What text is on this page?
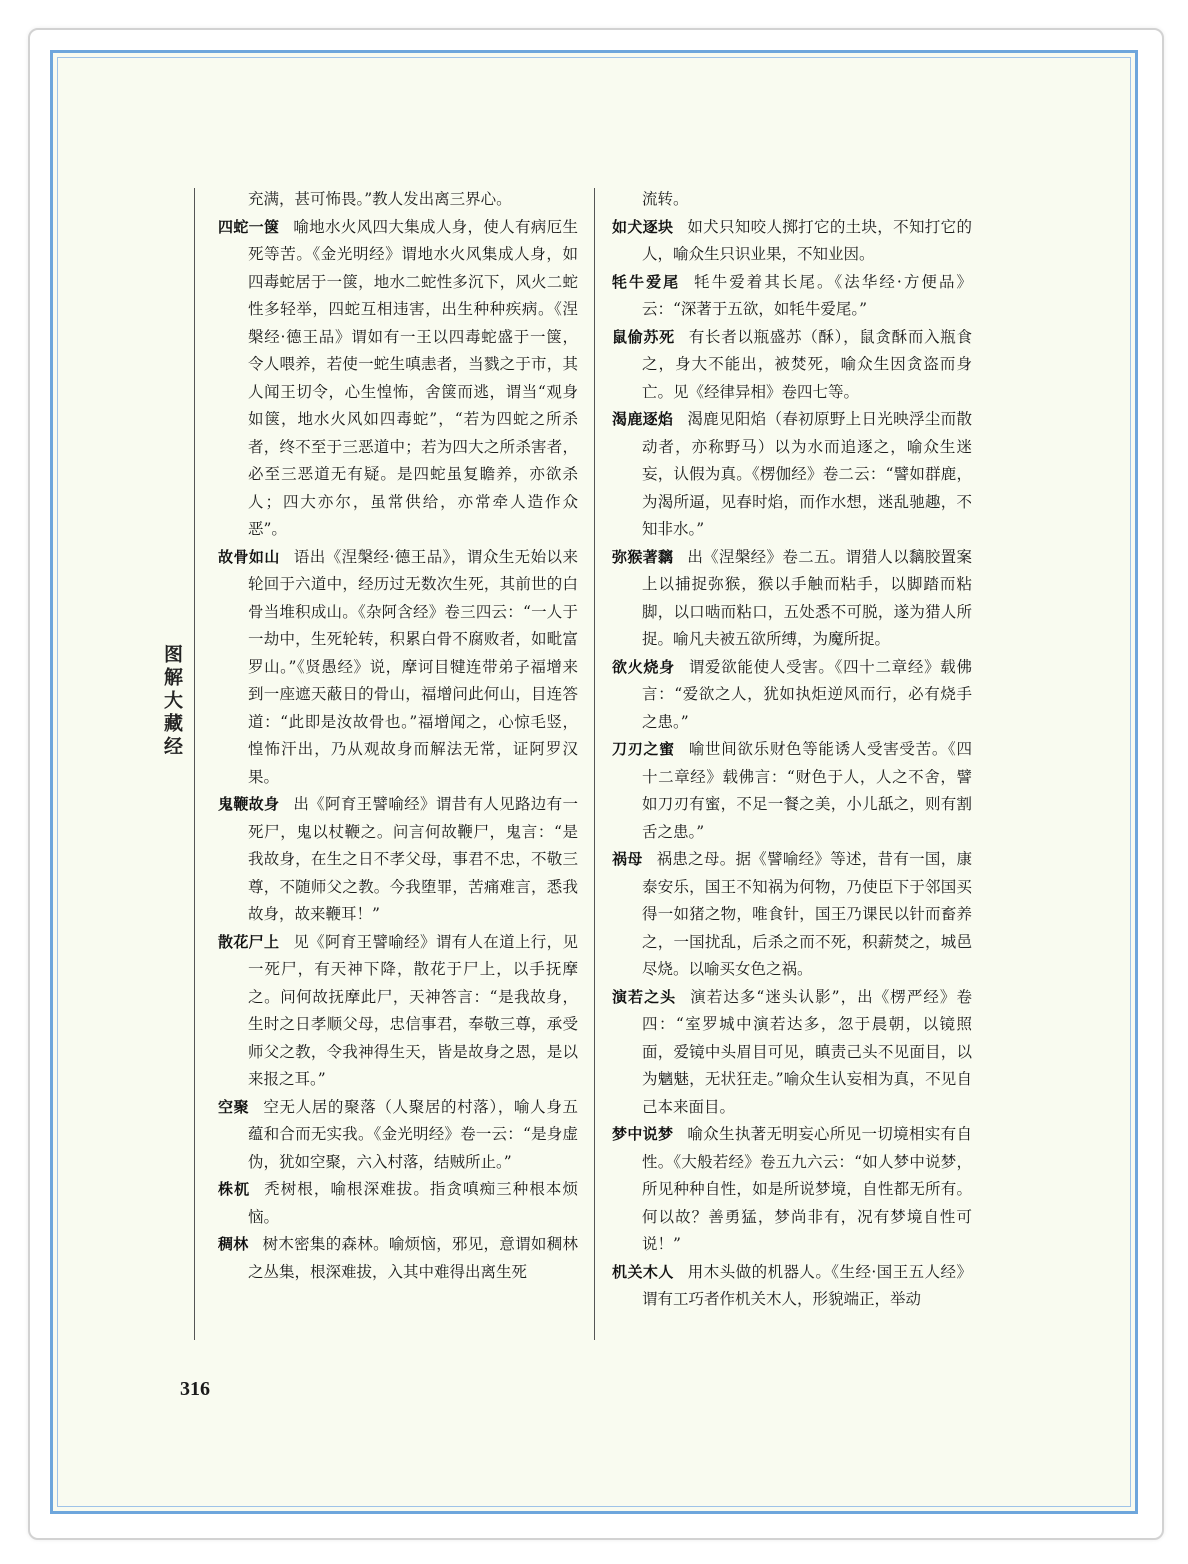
图解大藏经

充满，甚可怖畏。”教人发出离三界心。

四蛇一箧 喻地水火风四大集成人身，使人有病厄生死等苦。《金光明经》谓地水火风集成人身，如四毒蛇居于一箧，地水二蛇性多沉下，风火二蛇性多轻举，四蛇互相违害，出生种种疾病。《涅槃经·德王品》谓如有一王以四毒蛇盛于一箧，令人喂养，若使一蛇生嗔恚者，当戮之于市，其人闻王切令，心生惶怖，舍箧而逃，谓当“观身如箧，地水火风如四毒蛇”，“若为四蛇之所杀者，终不至于三恶道中；若为四大之所杀害者，必至三恶道无有疑。是四蛇虽复瞻养，亦欲杀人；四大亦尔，虽常供给，亦常牵人造作众恶”。

故骨如山 语出《涅槃经·德王品》，谓众生无始以来轮回于六道中，经历过无数次生死，其前世的白骨当堆积成山。《杂阿含经》卷三四云：“一人于一劫中，生死轮转，积累白骨不腐败者，如毗富罗山。”《贤愚经》说，摩诃目犍连带弟子福增来到一座遮天蔽日的骨山，福增问此何山，目连答道：“此即是汝故骨也。”福增闻之，心惊毛竖，惶怖汗出，乃从观故身而解法无常，证阿罗汉果。

鬼鞭故身 出《阿育王譬喻经》谓昔有人见路边有一死尸，鬼以杖鞭之。问言何故鞭尸，鬼言：“是我故身，在生之日不孝父母，事君不忠，不敬三尊，不随师父之教。今我堕罪，苦痛难言，悉我故身，故来鞭耳！”

散花尸上 见《阿育王譬喻经》谓有人在道上行，见一死尸，有天神下降，散花于尸上，以手抚摩之。问何故抚摩此尸，天神答言：“是我故身，生时之日孝顺父母，忠信事君，奉敬三尊，承受师父之教，令我神得生天，皆是故身之恩，是以来报之耳。”

空聚 空无人居的聚落（人聚居的村落），喻人身五蕴和合而无实我。《金光明经》卷一云：“是身虚伪，犹如空聚，六入村落，结贼所止。”

株杌 秃树根，喻根深难拔。指贪嗔痴三种根本烦恼。

稠林 树木密集的森林。喻烦恼，邪见，意谓如稠林之丛集，根深难拔，入其中难得出离生死

流转。

如犬逐块 如犬只知咬人掷打它的土块，不知打它的人，喻众生只识业果，不知业因。

牦牛爱尾 牦牛爱着其长尾。《法华经·方便品》云：“深著于五欲，如牦牛爱尾。”

鼠偷苏死 有长者以瓶盛苏（酥），鼠贪酥而入瓶食之，身大不能出，被焚死，喻众生因贪盗而身亡。见《经律异相》卷四七等。

渴鹿逐焰 渴鹿见阳焰（春初原野上日光映浮尘而散动者，亦称野马）以为水而追逐之，喻众生迷妄，认假为真。《楞伽经》卷二云：“譬如群鹿，为渴所逼，见春时焰，而作水想，迷乱驰趣，不知非水。”

弥猴著黐 出《涅槃经》卷二五。谓猎人以黐胶置案上以捕捉弥猴，猴以手触而粘手，以脚踏而粘脚，以口啮而粘口，五处悉不可脱，遂为猎人所捉。喻凡夫被五欲所缚，为魔所捉。

欲火烧身 谓爱欲能使人受害。《四十二章经》载佛言：“爱欲之人，犹如执炬逆风而行，必有烧手之患。”

刀刃之蜜 喻世间欲乐财色等能诱人受害受苦。《四十二章经》载佛言：“财色于人，人之不舍，譬如刀刃有蜜，不足一餐之美，小儿舐之，则有割舌之患。”

祸母 祸患之母。据《譬喻经》等述，昔有一国，康泰安乐，国王不知祸为何物，乃使臣下于邻国买得一如猪之物，唯食针，国王乃课民以针而畜养之，一国扰乱，后杀之而不死，积薪焚之，城邑尽烧。以喻买女色之祸。

演若之头 演若达多“迷头认影”，出《楞严经》卷四：“室罗城中演若达多，忽于晨朝，以镜照面，爱镜中头眉目可见，瞋责己头不见面目，以为魑魅，无状狂走。”喻众生认妄相为真，不见自己本来面目。

梦中说梦 喻众生执著无明妄心所见一切境相实有自性。《大般若经》卷五九六云：“如人梦中说梦，所见种种自性，如是所说梦境，自性都无所有。何以故？善勇猛，梦尚非有，况有梦境自性可说！”

机关木人 用木头做的机器人。《生经·国王五人经》谓有工巧者作机关木人，形貌端正，举动

316
